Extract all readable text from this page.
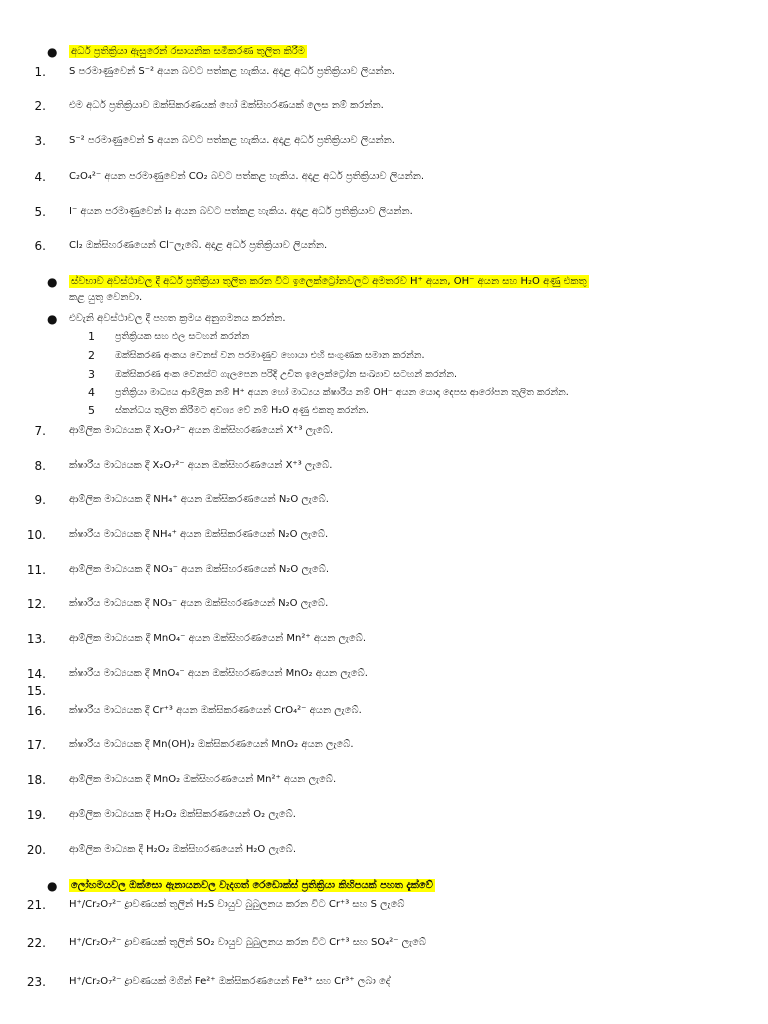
● අර්ධ ප්‍රතික්‍රියා ඇසුරෙන් රසායනික සමීකරණ තුලිත කිරීම
1. S පරමාණුවෙන් S⁻² අයන බවට පත්කළ හැකිය. අදාළ අර්ධ ප්‍රතික්‍රියාව ලියන්න.
2. එම අර්ධ ප්‍රතික්‍රියාව ඔක්සිකරණයක් හෝ ඔක්සිහරණයක් ලෙස නම් කරන්න.
3. S⁻² පරමාණුවෙන් S අයන බවට පත්කළ හැකිය. අදාළ අර්ධ ප්‍රතික්‍රියාව ලියන්න.
4. C₂O₄²⁻ අයන පරමාණුවෙන් CO₂ බවට පත්කළ හැකිය. අදාළ අර්ධ ප්‍රතික්‍රියාව ලියන්න.
5. I⁻ අයන පරමාණුවෙන් I₂ අයන බවට පත්කළ හැකිය. අදාළ අර්ධ ප්‍රතික්‍රියාව ලියන්න.
6. Cl₂ ඔක්සිහරණයෙන් Cl⁻ලැබේ. අදාළ අර්ධ ප්‍රතික්‍රියාව ලියන්න.
● ස්වභාව අවස්ථාවල දී අර්ධ ප්‍රතික්‍රියා තුලිත කරන විට ඉලෙක්ට්‍රෝනවලට අමතරව H⁺ අයන, OH⁻ අයන සහ H₂O අණු එකතු
කළ යුතු වෙනවා.
● එවැනි අවස්ථාවල දී පහත ක්‍රමය අනුගමනය කරන්න.
1 ප්‍රතික්‍රියක සහ ඵල සටහන් කරන්න
2 ඔක්සිකරණ අංකය වෙනස් වන පරමාණුව හොයා එහි සංගුණක සමාන කරන්න.
3 ඔක්සිකරණ අංක වෙනස්ට ගැලපෙන පරිදි උචිත ඉලෙක්ට්‍රෝන සංඛ්‍යාව සටහන් කරන්න.
4 ප්‍රතික්‍රියා මාධ්‍යය ආම්ලික නම් H⁺ අයන හෝ මාධ්‍යය ක්ෂාරීය නම් OH⁻ අයන යොදා දෙපස ආරෝපන තුලිත කරන්න.
5 ස්කන්ධය තුලිත කිරීමට අවශ්‍ය වේ නම් H₂O අණු එකතු කරන්න.
7. ආම්ලික මාධ්‍යයක දී X₂O₇²⁻ අයන ඔක්සිහරණයෙන් X⁺³ ලැබේ.
8. ක්ෂාරීය මාධ්‍යයක දී X₂O₇²⁻ අයන ඔක්සිහරණයෙන් X⁺³ ලැබේ.
9. ආම්ලික මාධ්‍යයක දී NH₄⁺ අයන ඔක්සිකරණයෙන් N₂O ලැබේ.
10. ක්ෂාරීය මාධ්‍යයක දී NH₄⁺ අයන ඔක්සිකරණයෙන් N₂O ලැබේ.
11. ආම්ලික මාධ්‍යයක දී NO₃⁻ අයන ඔක්සිහරණයෙන් N₂O ලැබේ.
12. ක්ෂාරීය මාධ්‍යයක දී NO₃⁻ අයන ඔක්සිහරණයෙන් N₂O ලැබේ.
13. ආම්ලික මාධ්‍යයක දී MnO₄⁻ අයන ඔක්සිහරණයෙන් Mn²⁺ අයන ලැබේ.
14. ක්ෂාරීය මාධ්‍යයක දී MnO₄⁻ අයන ඔක්සිහරණයෙන් MnO₂ අයන ලැබේ.
15.
16. ක්ෂාරීය මාධ්‍යයක දී Cr⁺³ අයන ඔක්සිකරණයෙන් CrO₄²⁻ අයන ලැබේ.
17. ක්ෂාරීය මාධ්‍යයක දී Mn(OH)₂ ඔක්සිකරණයෙන් MnO₂ අයන ලැබේ.
18. ආම්ලික මාධ්‍යයක දී MnO₂ ඔක්සිහරණයෙන් Mn²⁺ අයන ලැබේ.
19. ආම්ලික මාධ්‍යයක දී H₂O₂ ඔක්සිකරණයෙන් O₂ ලැබේ.
20. ආම්ලික මාධ්‍යක දී H₂O₂ ඔක්සිහරණයෙන් H₂O ලැබේ.
● ලෝහමයවල ඔක්සො ඇනායනවල වැදගත් රෙඩොක්ස් ප්‍රතික්‍රියා කිහිපයක් පහත දැක්වේ
21. H⁺/Cr₂O₇²⁻ ද්‍රාවණයක් තුලින් H₂S වායුව බුබුලනය කරන විට Cr⁺³ සහ S ලැබේ
22. H⁺/Cr₂O₇²⁻ ද්‍රාවණයක් තුලින් SO₂ වායුව බුබුලනය කරන විට Cr⁺³ සහ SO₄²⁻ ලැබේ
23. H⁺/Cr₂O₇²⁻ ද්‍රාවණයක් මගින් Fe²⁺ ඔක්සිකරණයෙන් Fe³⁺ සහ Cr³⁺ ලබා දේ
